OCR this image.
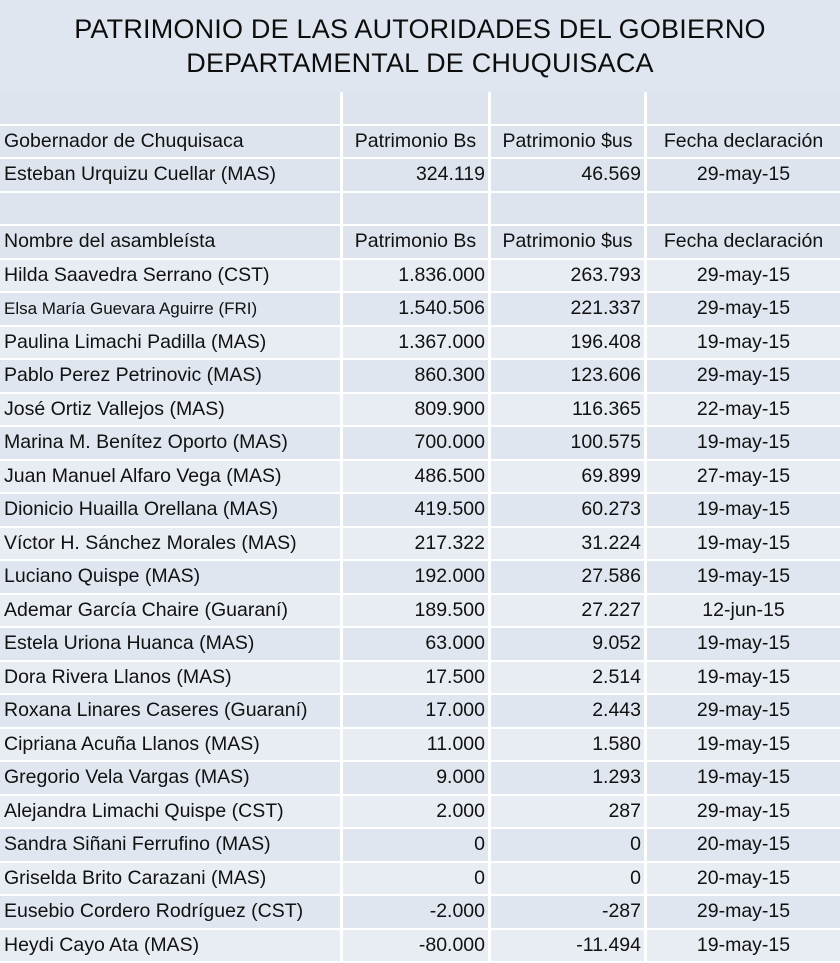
PATRIMONIO DE LAS AUTORIDADES DEL GOBIERNO
DEPARTAMENTAL DE CHUQUISACA
Gobernador de Chuquisaca	Patrimonio Bs	Patrimonio $us	Fecha declaración
Esteban Urquizu Cuellar (MAS)	324.119	46.569	29-may-15
Nombre del asambleísta	Patrimonio Bs	Patrimonio $us	Fecha declaración
Hilda Saavedra Serrano (CST)	1.836.000	263.793	29-may-15
Elsa María Guevara Aguirre (FRI)	1.540.506	221.337	29-may-15
Paulina Limachi Padilla (MAS)	1.367.000	196.408	19-may-15
Pablo Perez Petrinovic (MAS)	860.300	123.606	29-may-15
José Ortiz Vallejos (MAS)	809.900	116.365	22-may-15
Marina M. Benítez Oporto (MAS)	700.000	100.575	19-may-15
Juan Manuel Alfaro Vega (MAS)	486.500	69.899	27-may-15
Dionicio Huailla Orellana (MAS)	419.500	60.273	19-may-15
Víctor H. Sánchez Morales (MAS)	217.322	31.224	19-may-15
Luciano Quispe (MAS)	192.000	27.586	19-may-15
Ademar García Chaire (Guaraní)	189.500	27.227	12-jun-15
Estela Uriona Huanca (MAS)	63.000	9.052	19-may-15
Dora Rivera Llanos (MAS)	17.500	2.514	19-may-15
Roxana Linares Caseres (Guaraní)	17.000	2.443	29-may-15
Cipriana Acuña Llanos (MAS)	11.000	1.580	19-may-15
Gregorio Vela Vargas (MAS)	9.000	1.293	19-may-15
Alejandra Limachi Quispe (CST)	2.000	287	29-may-15
Sandra Siñani Ferrufino (MAS)	0	0	20-may-15
Griselda Brito Carazani (MAS)	0	0	20-may-15
Eusebio Cordero Rodríguez (CST)	-2.000	-287	29-may-15
Heydi Cayo Ata (MAS)	-80.000	-11.494	19-may-15
